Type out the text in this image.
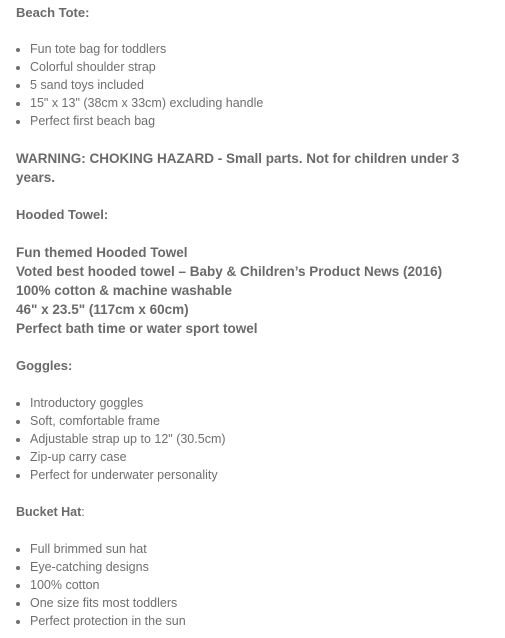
Beach Tote:

• Fun tote bag for toddlers
• Colorful shoulder strap
• 5 sand toys included
• 15" x 13" (38cm x 33cm) excluding handle
• Perfect first beach bag
WARNING: CHOKING HAZARD - Small parts. Not for children under 3 years.

Hooded Towel:

Fun themed Hooded Towel
Voted best hooded towel – Baby & Children’s Product News (2016)
100% cotton & machine washable
46" x 23.5" (117cm x 60cm)
Perfect bath time or water sport towel

Goggles:

• Introductory goggles
• Soft, comfortable frame
• Adjustable strap up to 12" (30.5cm)
• Zip-up carry case
• Perfect for underwater personality

Bucket Hat:

• Full brimmed sun hat
• Eye-catching designs
• 100% cotton
• One size fits most toddlers
• Perfect protection in the sun
